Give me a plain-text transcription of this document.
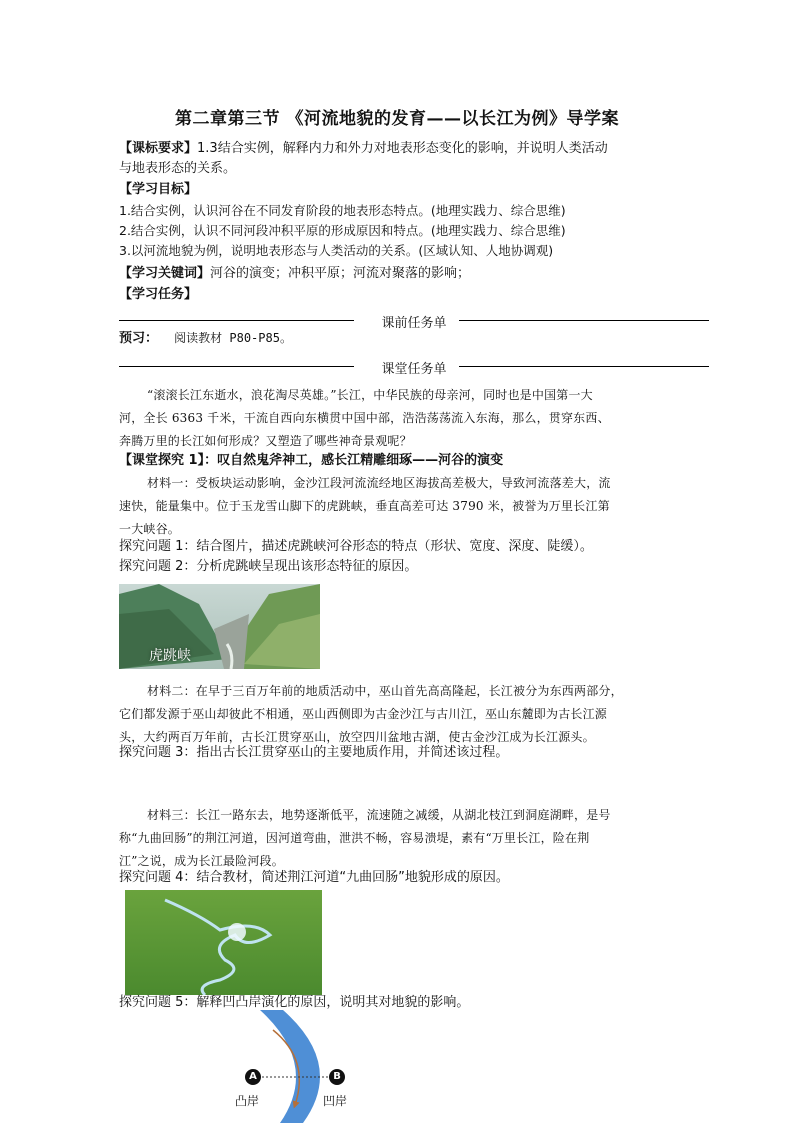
第二章第三节 《河流地貌的发育——以长江为例》导学案
【课标要求】1.3结合实例，解释内力和外力对地表形态变化的影响，并说明人类活动
与地表形态的关系。
【学习目标】
1.结合实例，认识河谷在不同发育阶段的地表形态特点。(地理实践力、综合思维)
2.结合实例，认识不同河段冲积平原的形成原因和特点。(地理实践力、综合思维)
3.以河流地貌为例，说明地表形态与人类活动的关系。(区域认知、人地协调观)
【学习关键词】河谷的演变；冲积平原；河流对聚落的影响；
【学习任务】
课前任务单
预习： 阅读教材 P80-P85。
课堂任务单
“滚滚长江东逝水，浪花淘尽英雄。”长江，中华民族的母亲河，同时也是中国第一大
河，全长 6363 千米，干流自西向东横贯中国中部，浩浩荡荡流入东海，那么，贯穿东西、
奔腾万里的长江如何形成？又塑造了哪些神奇景观呢？
【课堂探究 1】：叹自然鬼斧神工，感长江精雕细琢——河谷的演变
材料一：受板块运动影响，金沙江段河流流经地区海拔高差极大，导致河流落差大，流
速快，能量集中。位于玉龙雪山脚下的虎跳峡，垂直高差可达 3790 米，被誉为万里长江第
一大峡谷。
探究问题 1：结合图片，描述虎跳峡河谷形态的特点（形状、宽度、深度、陡缓）。
探究问题 2：分析虎跳峡呈现出该形态特征的原因。
虎跳峡
材料二：在早于三百万年前的地质活动中，巫山首先高高隆起，长江被分为东西两部分，
它们都发源于巫山却彼此不相通，巫山西侧即为古金沙江与古川江，巫山东麓即为古长江源
头，大约两百万年前，古长江贯穿巫山，放空四川盆地古湖，使古金沙江成为长江源头。
探究问题 3：指出古长江贯穿巫山的主要地质作用，并简述该过程。
材料三：长江一路东去，地势逐渐低平，流速随之减缓，从湖北枝江到洞庭湖畔，是号
称“九曲回肠”的荆江河道，因河道弯曲，泄洪不畅，容易溃堤，素有“万里长江，险在荆
江”之说，成为长江最险河段。
探究问题 4：结合教材，简述荆江河道“九曲回肠”地貌形成的原因。
探究问题 5：解释凹凸岸演化的原因，说明其对地貌的影响。
A	B
凸岸	凹岸
